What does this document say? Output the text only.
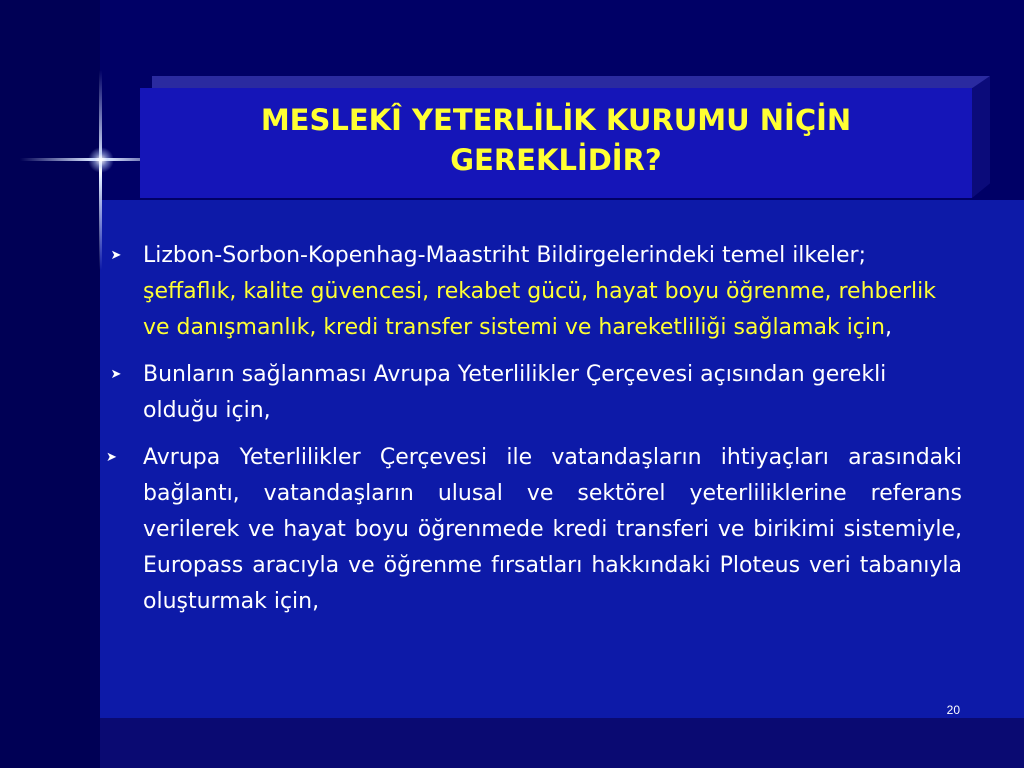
MESLEKÎ YETERLİLİK KURUMU NİÇİN
GEREKLİDİR?
➤ Lizbon-Sorbon-Kopenhag-Maastriht Bildirgelerindeki temel ilkeler; şeffaflık, kalite güvencesi, rekabet gücü, hayat boyu öğrenme, rehberlik ve danışmanlık, kredi transfer sistemi ve hareketliliği sağlamak için,
➤ Bunların sağlanması Avrupa Yeterlilikler Çerçevesi açısından gerekli olduğu için,
➤	Avrupa Yeterlilikler Çerçevesi ile vatandaşların ihtiyaçları arasındaki bağlantı, vatandaşların ulusal ve sektörel yeterliliklerine referans verilerek ve hayat boyu öğrenmede kredi transferi ve birikimi sistemiyle, Europass aracıyla ve öğrenme fırsatları hakkındaki Ploteus veri tabanıyla oluşturmak için,
20
